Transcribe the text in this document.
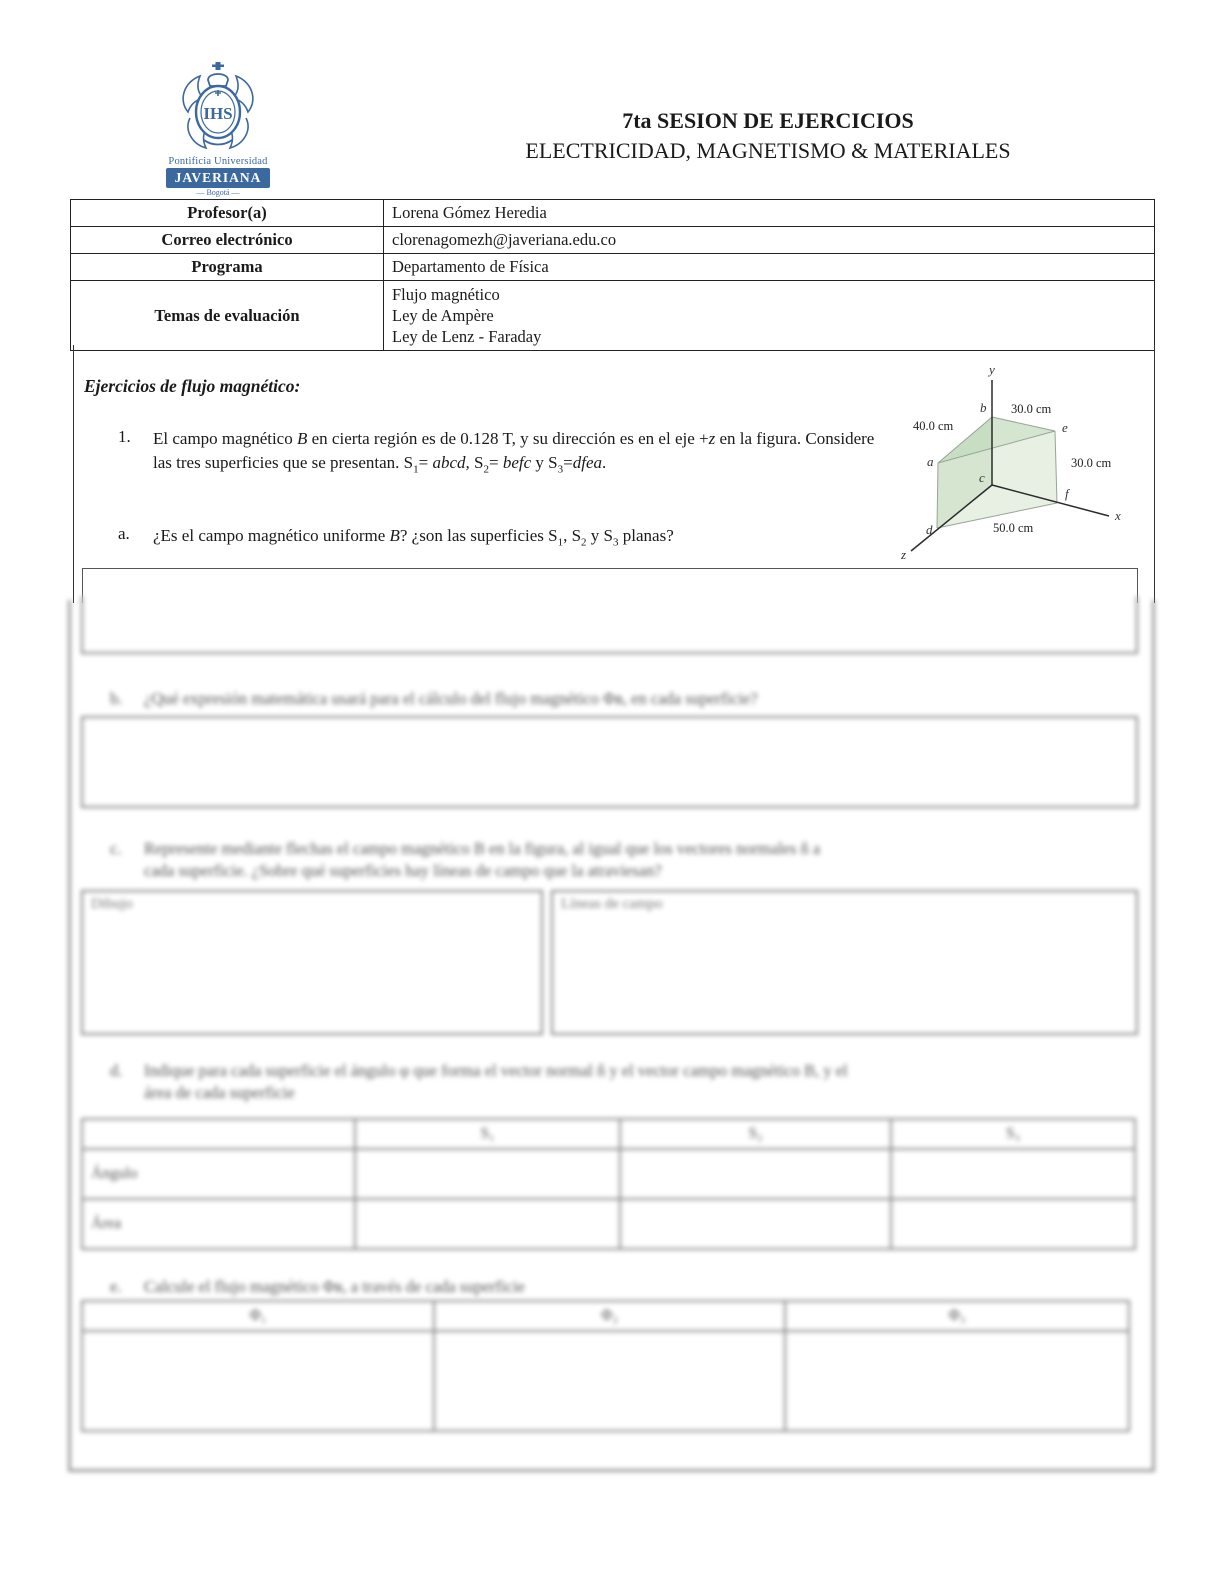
IHS
Pontificia Universidad
JAVERIANA
— Bogotá —
7ta SESION DE EJERCICIOS
ELECTRICIDAD, MAGNETISMO & MATERIALES
Profesor(a)	Lorena Gómez Heredia
Correo electrónico	clorenagomezh@javeriana.edu.co
Programa	Departamento de Física
Temas de evaluación	Flujo magnético
Ley de Ampère
Ley de Lenz - Faraday
Ejercicios de flujo magnético:
1.	El campo magnético B en cierta región es de 0.128 T, y su dirección es en el eje +z en la figura. Considere las tres superficies que se presentan. $S_1=$ abcd, $S_2=$ befc y $S_3=dfea$.
a.	¿Es el campo magnético uniforme B? ¿son las superficies $S_1$, $S_2$ y $S_3$ planas?
y
x
z
b
e
a
c
f
d
40.0 cm
30.0 cm
30.0 cm
50.0 cm
b. ¿Qué expresión matemática usará para el cálculo del flujo magnético Φʙ, en cada superficie?
c. Represente mediante flechas el campo magnético B en la figura, al igual que los vectores normales n̂ a
cada superficie. ¿Sobre qué superficies hay líneas de campo que la atraviesan?
Dibujo	Líneas de campo
d. Indique para cada superficie el ángulo φ que forma el vector normal n̂ y el vector campo magnético B, y el
área de cada superficie
	S₁	S₂	S₃
Ángulo			
Área			
e. Calcule el flujo magnético Φʙ, a través de cada superficie
Φ₁	Φ₂	Φ₃
